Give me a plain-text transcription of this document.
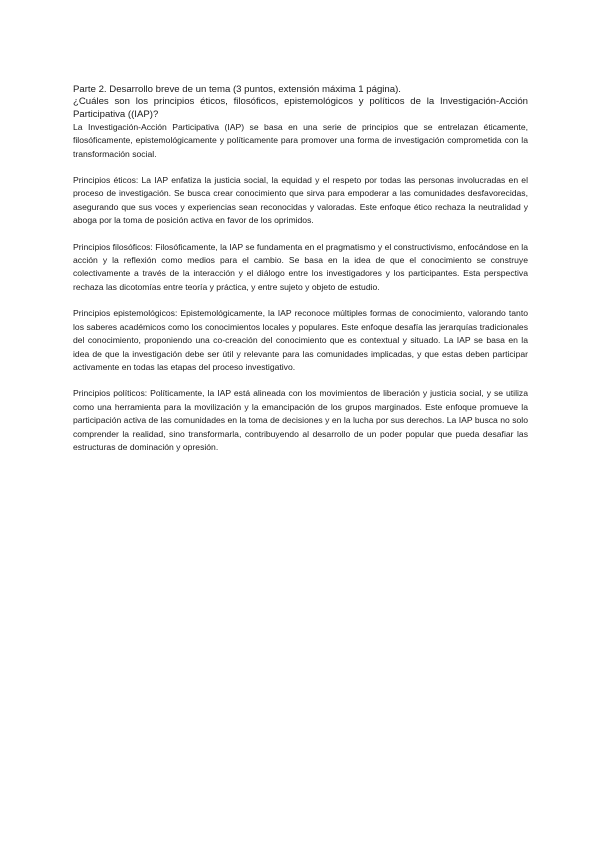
Parte 2. Desarrollo breve de un tema (3 puntos, extensión máxima 1 página).

¿Cuáles son los principios éticos, filosóficos, epistemológicos y políticos de la Investigación-Acción Participativa ((IAP)?

La Investigación-Acción Participativa (IAP) se basa en una serie de principios que se entrelazan éticamente, filosóficamente, epistemológicamente y políticamente para promover una forma de investigación comprometida con la transformación social.

Principios éticos: La IAP enfatiza la justicia social, la equidad y el respeto por todas las personas involucradas en el proceso de investigación. Se busca crear conocimiento que sirva para empoderar a las comunidades desfavorecidas, asegurando que sus voces y experiencias sean reconocidas y valoradas. Este enfoque ético rechaza la neutralidad y aboga por la toma de posición activa en favor de los oprimidos.

Principios filosóficos: Filosóficamente, la IAP se fundamenta en el pragmatismo y el constructivismo, enfocándose en la acción y la reflexión como medios para el cambio. Se basa en la idea de que el conocimiento se construye colectivamente a través de la interacción y el diálogo entre los investigadores y los participantes. Esta perspectiva rechaza las dicotomías entre teoría y práctica, y entre sujeto y objeto de estudio.

Principios epistemológicos: Epistemológicamente, la IAP reconoce múltiples formas de conocimiento, valorando tanto los saberes académicos como los conocimientos locales y populares. Este enfoque desafía las jerarquías tradicionales del conocimiento, proponiendo una co-creación del conocimiento que es contextual y situado. La IAP se basa en la idea de que la investigación debe ser útil y relevante para las comunidades implicadas, y que estas deben participar activamente en todas las etapas del proceso investigativo.

Principios políticos: Políticamente, la IAP está alineada con los movimientos de liberación y justicia social, y se utiliza como una herramienta para la movilización y la emancipación de los grupos marginados. Este enfoque promueve la participación activa de las comunidades en la toma de decisiones y en la lucha por sus derechos. La IAP busca no solo comprender la realidad, sino transformarla, contribuyendo al desarrollo de un poder popular que pueda desafiar las estructuras de dominación y opresión.
